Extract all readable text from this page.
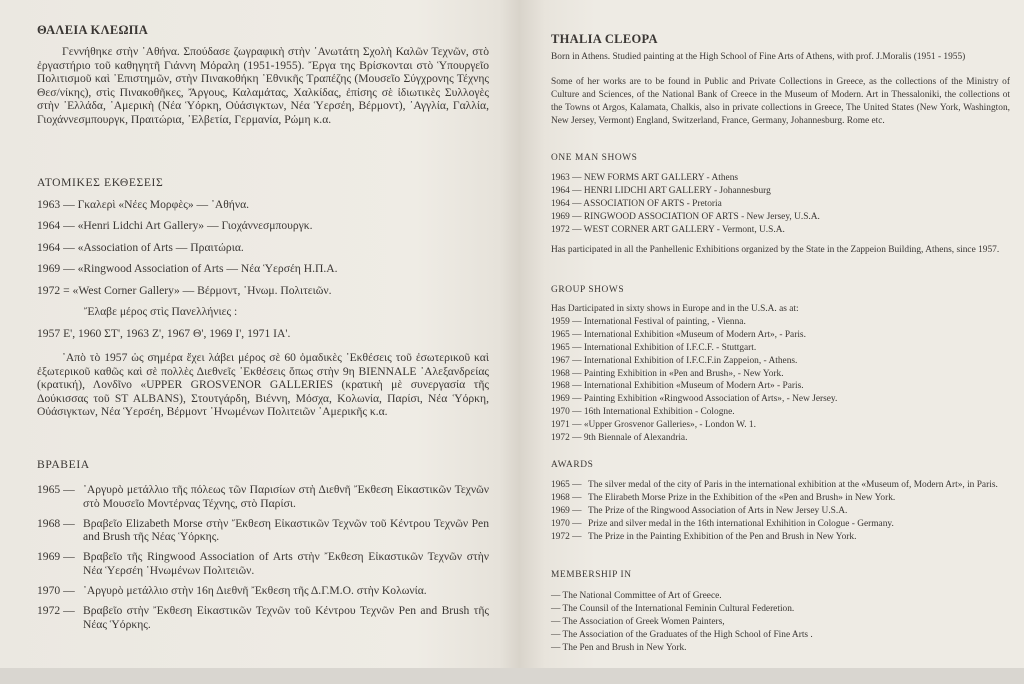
ΘΑΛΕΙΑ ΚΛΕΩΠΑ
Γεννήθηκε στὴν ᾿Αθήνα. Σπούδασε ζωγραφικὴ στὴν ᾿Ανωτάτη Σχολὴ Καλῶν Τεχνῶν, στὸ ἐργαστήριο τοῦ καθηγητῆ Γιάννη Μόραλη (1951-1955). Ἔργα της Βρίσκονται στὸ Ὑπουργεῖο Πολιτισμοῦ καὶ ᾿Επιστημῶν, στὴν Πινακοθήκη ᾿Εθνικῆς Τραπέζης (Μουσεῖο Σύγχρονης Τέχνης Θεσ/νίκης), στὶς Πινακοθῆκες, Ἄργους, Καλαμάτας, Χαλκίδας, ἐπίσης σὲ ἰδιωτικὲς Συλλογὲς στὴν ᾿Ελλάδα, ᾿Αμερικὴ (Νέα Ὑόρκη, Οὐάσιγκτων, Νέα Ὑερσέη, Βέρμοντ), ᾿Αγγλία, Γαλλία, Γιοχάννεσμπουργκ, Πραιτώρια, ᾿Ελβετία, Γερμανία, Ρώμη κ.α.
ΑΤΟΜΙΚΕΣ ΕΚΘΕΣΕΙΣ
1963 — Γκαλερὶ «Νέες Μορφὲς» — ᾿Αθήνα.
1964 — «Henri Lidchi Art Gallery» — Γιοχάννεσμπουργκ.
1964 — «Association of Arts — Πραιτώρια.
1969 — «Ringwood Association of Arts — Νέα Ὑερσέη Η.Π.Α.
1972 = «West Corner Gallery» — Βέρμοντ, ῾Ηνωμ. Πολιτειῶν.
Ἔλαβε μέρος στὶς Πανελλήνιες :
1957 Ε', 1960 ΣΤ', 1963 Ζ', 1967 Θ', 1969 Ι', 1971 ΙΑ'.
᾿Απὸ τὸ 1957 ὡς σημέρα ἔχει λάβει μέρος σὲ 60 ὁμαδικὲς ᾿Εκθέσεις τοῦ ἐσωτερικοῦ καὶ ἐξωτερικοῦ καθῶς καὶ σὲ πολλὲς Διεθνεῖς ᾿Εκθέσεις ὅπως στὴν 9η BIENNALE ᾿Αλεξανδρείας (κρατική), Λονδῖνο «UPPER GROSVENOR GALLERIES (κρατικὴ μὲ συνεργασία τῆς Δούκισσας τοῦ ST ALBANS), Στουτγάρδη, Βιέννη, Μόσχα, Κολωνία, Παρίσι, Νέα Ὑόρκη, Οὐάσιγκτων, Νέα Ὑερσέη, Βέρμοντ ῾Ηνωμένων Πολιτειῶν ᾿Αμερικῆς κ.α.
ΒΡΑΒΕΙΑ
1965 — ᾿Αργυρὸ μετάλλιο τῆς πόλεως τῶν Παρισίων στὴ Διεθνῆ Ἔκθεση Εἰκαστικῶν Τεχνῶν στὸ Μουσεῖο Μοντέρνας Τέχνης, στὸ Παρίσι.
1968 — Βραβεῖο Elizabeth Morse στὴν Ἔκθεση Εἰκαστικῶν Τεχνῶν τοῦ Κέντρου Τεχνῶν Pen and Brush τῆς Νέας Ὑόρκης.
1969 — Βραβεῖο τῆς Ringwood Association of Arts στὴν Ἔκθεση Εἰκαστικῶν Τεχνῶν στὴν Νέα Ὑερσέη ῾Ηνωμένων Πολιτειῶν.
1970 — ᾿Αργυρὸ μετάλλιο στὴν 16η Διεθνῆ Ἔκθεση τῆς Δ.Γ.Μ.Ο. στὴν Κολωνία.
1972 — Βραβεῖο στὴν Ἔκθεση Εἰκαστικῶν Τεχνῶν τοῦ Κέντρου Τεχνῶν Pen and Brush τῆς Νέας Ὑόρκης.
THALIA CLEOPA
Born in Athens. Studied painting at the High School of Fine Arts of Athens, with prof. J.Moralis (1951 - 1955)
Some of her works are to be found in Public and Private Collections in Greece, as the collections of the Ministry of Culture and Sciences, of the National Bank of Creece in the Museum of Modern. Art in Thessaloniki, the collections ot the Towns ot Argos, Kalamata, Chalkis, also in private collections in Greece, The United States (New York, Washington, New Jersey, Vermont) England, Switzerland, France, Germany, Johannesburg. Rome etc.
ONE MAN SHOWS
1963 — NEW FORMS ART GALLERY - Athens
1964 — HENRI LIDCHI ART GALLERY - Johannesburg
1964 — ASSOCIATION OF ARTS - Pretoria
1969 — RINGWOOD ASSOCIATION OF ARTS - New Jersey, U.S.A.
1972 — WEST CORNER ART GALLERY - Vermont, U.S.A.
Has participated in all the Panhellenic Exhibitions organized by the State in the Zappeion Building, Athens, since 1957.
GROUP SHOWS
Has Darticipated in sixty shows in Europe and in the U.S.A. as at:
1959 — International Festival of painting, - Vienna.
1965 — International Exhibition «Museum of Modern Art», - Paris.
1965 — International Exhibition of I.F.C.F. - Stuttgart.
1967 — International Exhibition of I.F.C.F.in Zappeion, - Athens.
1968 — Painting Exhibition in «Pen and Brush», - New York.
1968 — International Exhibition «Museum of Modern Art» - Paris.
1969 — Painting Exhibition «Ringwood Association of Arts», - New Jersey.
1970 — 16th International Exhibition - Cologne.
1971 — «Upper Grosvenor Galleries», - London W. 1.
1972 — 9th Biennale of Alexandria.
AWARDS
1965 — The silver medal of the city of Paris in the international exhibition at the «Museum of, Modern Art», in Paris.
1968 — The Elirabeth Morse Prize in the Exhibition of the «Pen and Brush» in New York.
1969 — The Prize of the Ringwood Association of Arts in New Jersey U.S.A.
1970 — Prize and silver medal in the 16th international Exhihition in Cologue - Germany.
1972 — The Prize in the Painting Exhibition of the Pen and Brush in New York.
MEMBERSHIP IN
— The National Committee of Art of Greece.
— The Counsil of the International Feminin Cultural Federetion.
— The Association of Greek Women Painters,
— The Association of the Graduates of the High School of Fine Arts .
— The Pen and Brush in New York.
